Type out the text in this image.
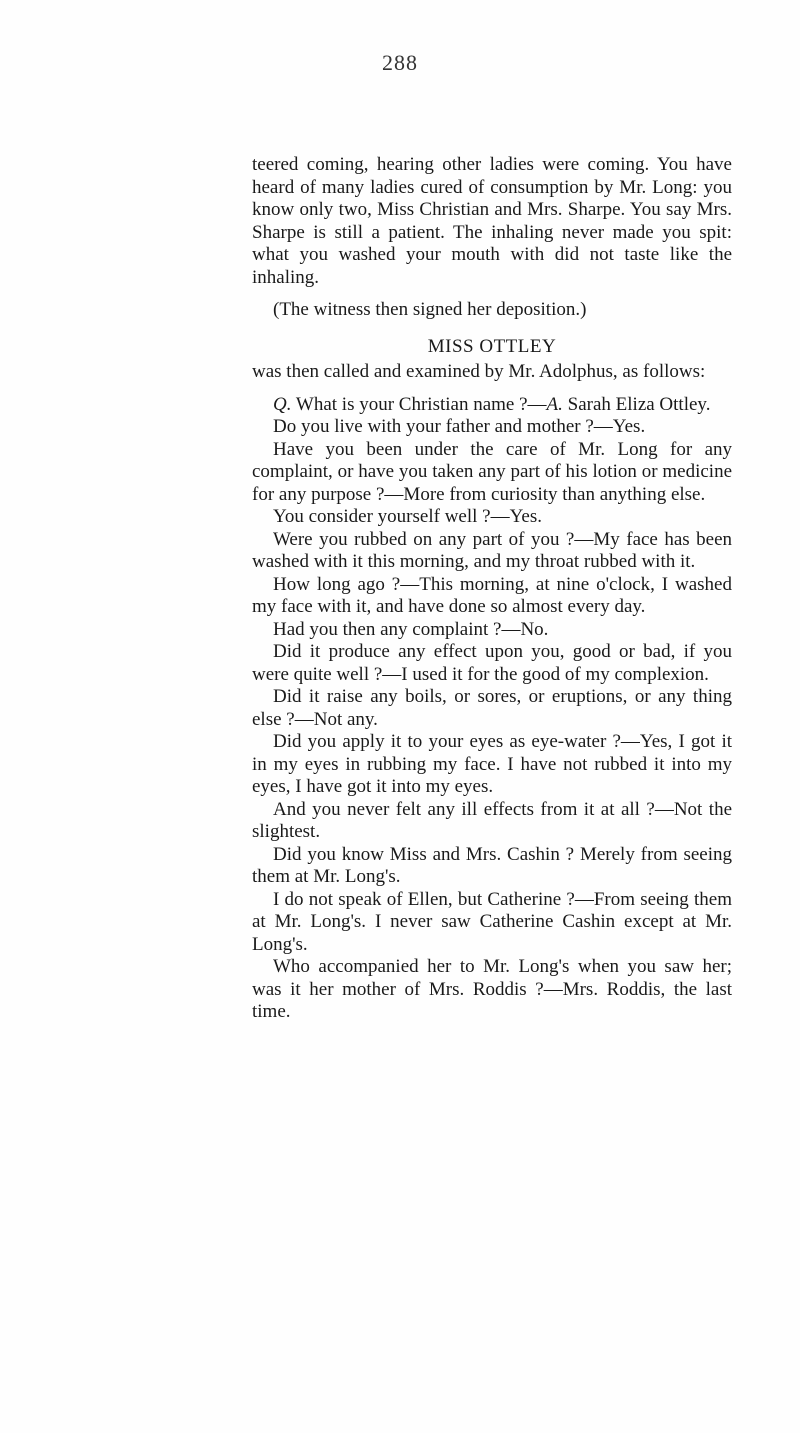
288

teered coming, hearing other ladies were coming. You have heard of many ladies cured of consumption by Mr. Long: you know only two, Miss Christian and Mrs. Sharpe. You say Mrs. Sharpe is still a patient. The inhaling never made you spit: what you washed your mouth with did not taste like the inhaling.

(The witness then signed her deposition.)

MISS OTTLEY

was then called and examined by Mr. Adolphus, as follows:

Q. What is your Christian name ?—A. Sarah Eliza Ottley.

Do you live with your father and mother ?—Yes.

Have you been under the care of Mr. Long for any complaint, or have you taken any part of his lotion or medicine for any purpose ?—More from curiosity than anything else.

You consider yourself well ?—Yes.

Were you rubbed on any part of you ?—My face has been washed with it this morning, and my throat rubbed with it.

How long ago ?—This morning, at nine o'clock, I washed my face with it, and have done so almost every day.

Had you then any complaint ?—No.

Did it produce any effect upon you, good or bad, if you were quite well ?—I used it for the good of my complexion.

Did it raise any boils, or sores, or eruptions, or any thing else ?—Not any.

Did you apply it to your eyes as eye-water ?—Yes, I got it in my eyes in rubbing my face. I have not rubbed it into my eyes, I have got it into my eyes.

And you never felt any ill effects from it at all ?—Not the slightest.

Did you know Miss and Mrs. Cashin ? Merely from seeing them at Mr. Long's.

I do not speak of Ellen, but Catherine ?—From seeing them at Mr. Long's. I never saw Catherine Cashin except at Mr. Long's.

Who accompanied her to Mr. Long's when you saw her; was it her mother of Mrs. Roddis ?—Mrs. Roddis, the last time.
